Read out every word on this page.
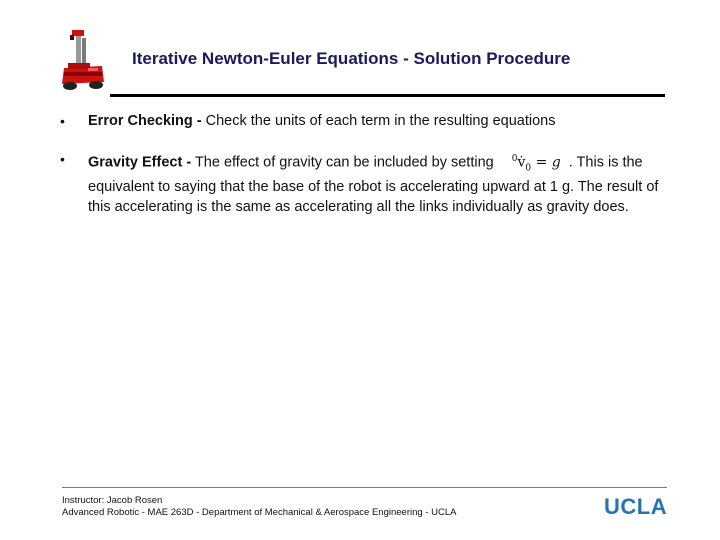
Iterative Newton-Euler Equations - Solution Procedure
• Error Checking - Check the units of each term in the resulting equations
• Gravity Effect - The effect of gravity can be included by setting $^0v̇_0 = g$ . This is the equivalent to saying that the base of the robot is accelerating upward at 1 g. The result of this accelerating is the same as accelerating all the links individually as gravity does.
Instructor: Jacob Rosen
Advanced Robotic - MAE 263D - Department of Mechanical & Aerospace Engineering - UCLA	UCLA
